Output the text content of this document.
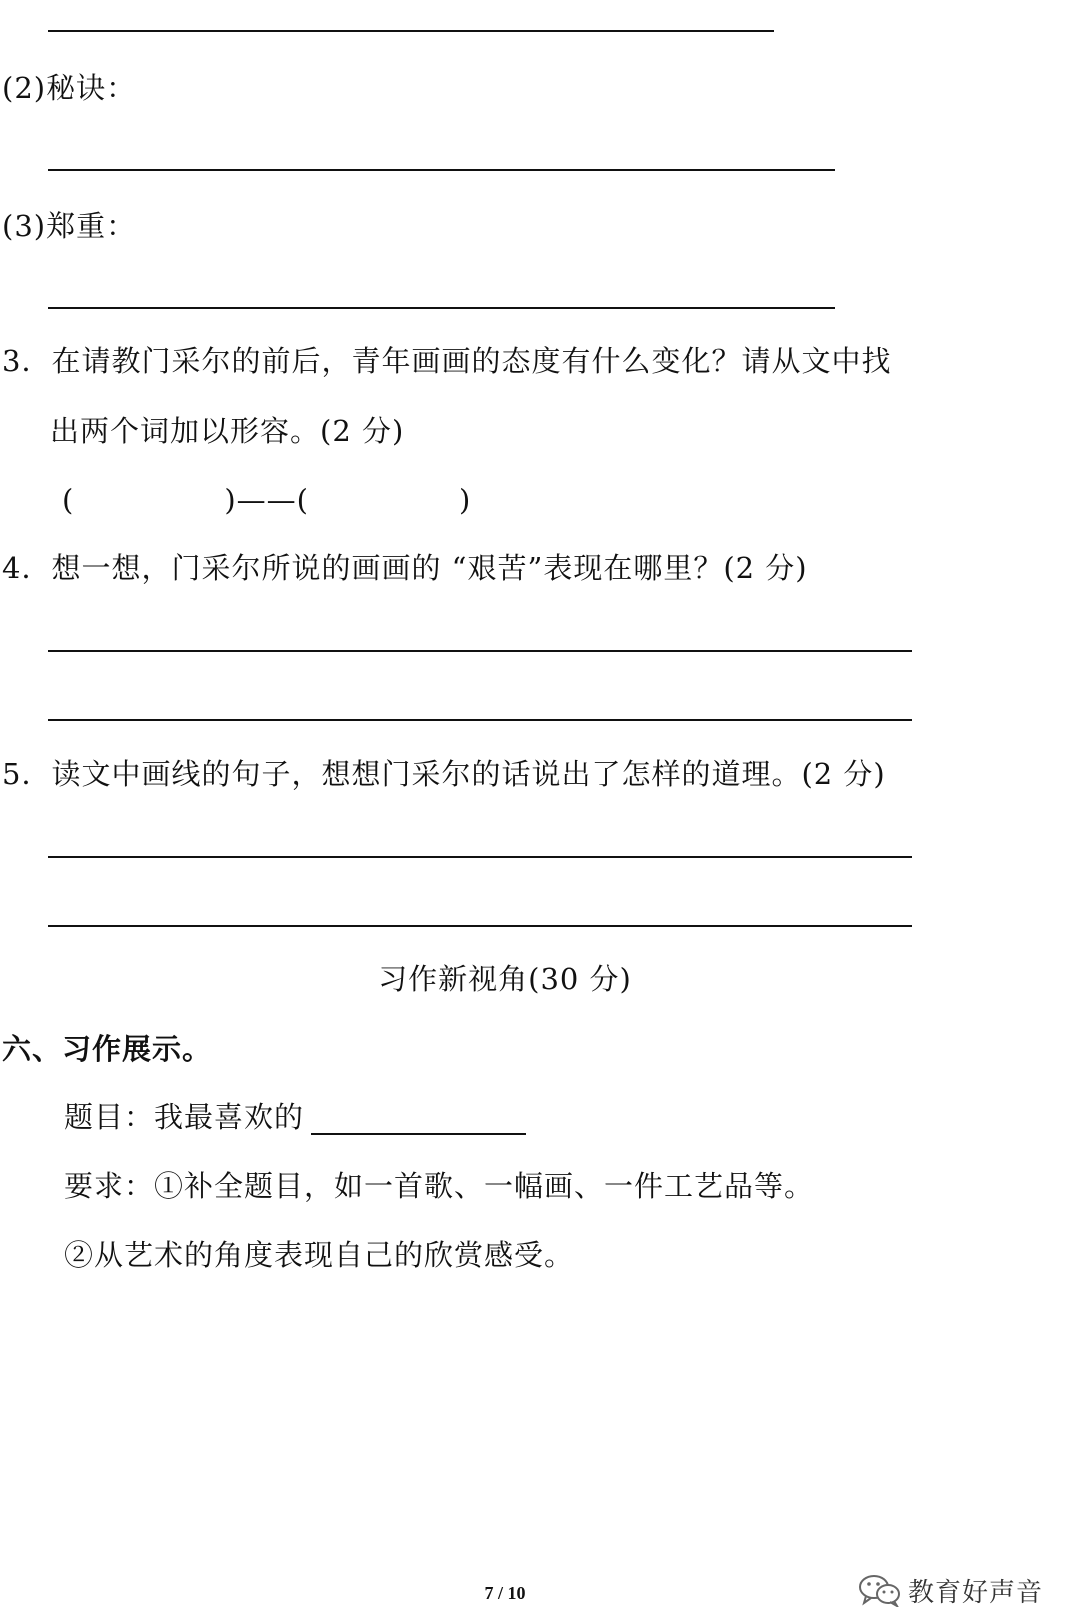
(2)秘诀：
(3)郑重：
3．在请教门采尔的前后，青年画画的态度有什么变化？请从文中找
出两个词加以形容。(2 分)
(　　　　　)——(　　　　　)
4．想一想，门采尔所说的画画的 “艰苦”表现在哪里？(2 分)
5．读文中画线的句子，想想门采尔的话说出了怎样的道理。(2 分)
习作新视角(30 分)
六、习作展示。
题目：我最喜欢的
要求：①补全题目，如一首歌、一幅画、一件工艺品等。
②从艺术的角度表现自己的欣赏感受。
教育好声音
7 / 10
